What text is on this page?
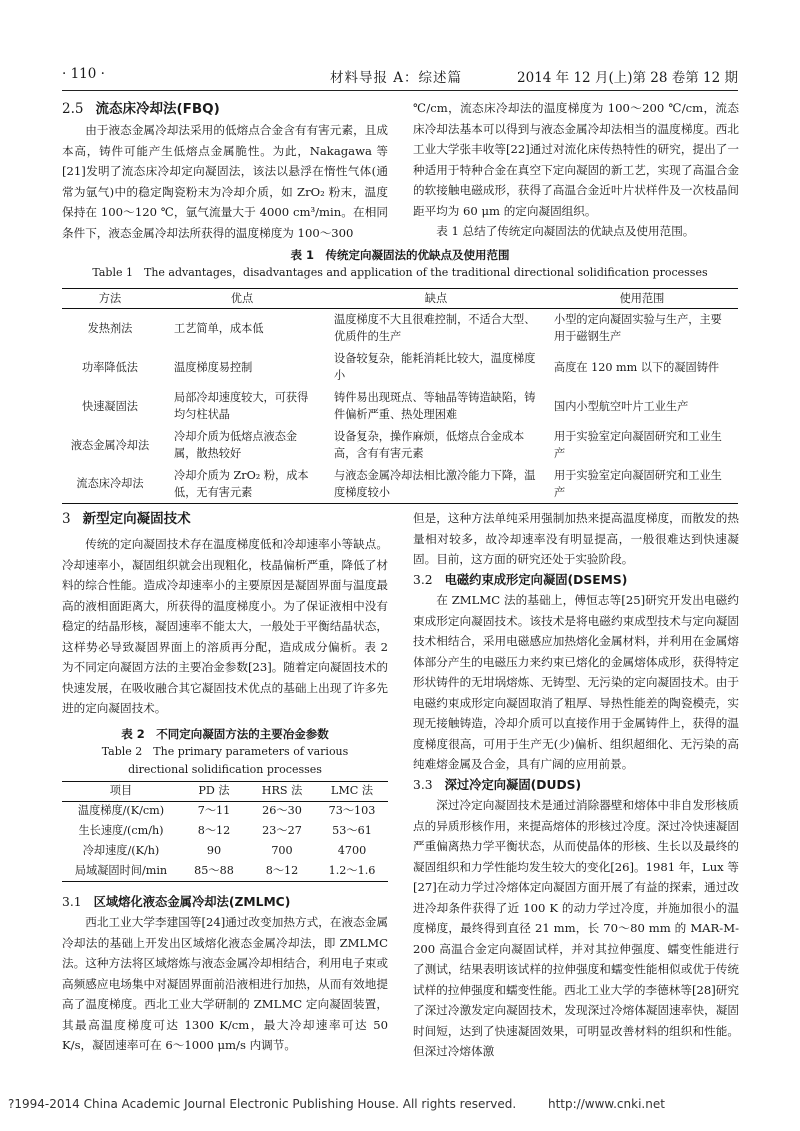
· 110 ·	材料导报 A：综述篇	2014 年 12 月(上)第 28 卷第 12 期
2.5 流态床冷却法(FBQ)

由于液态金属冷却法采用的低熔点合金含有有害元素，且成本高，铸件可能产生低熔点金属脆性。为此，Nakagawa 等[21]发明了流态床冷却定向凝固法，该法以悬浮在惰性气体(通常为氩气)中的稳定陶瓷粉末为冷却介质，如 ZrO₂ 粉末，温度保持在 100～120 ℃，氩气流量大于 4000 cm³/min。在相同条件下，液态金属冷却法所获得的温度梯度为 100～300

℃/cm，流态床冷却法的温度梯度为 100～200 ℃/cm，流态床冷却法基本可以得到与液态金属冷却法相当的温度梯度。西北工业大学张丰收等[22]通过对流化床传热特性的研究，提出了一种适用于特种合金在真空下定向凝固的新工艺，实现了高温合金的软接触电磁成形，获得了高温合金近叶片状样件及一次枝晶间距平均为 60 μm 的定向凝固组织。

表 1 总结了传统定向凝固法的优缺点及使用范围。

表 1　传统定向凝固法的优缺点及使用范围
Table 1　The advantages，disadvantages and application of the traditional directional solidification processes
方法	优点	缺点	使用范围
发热剂法	工艺简单，成本低	温度梯度不大且很难控制，不适合大型、优质件的生产	小型的定向凝固实验与生产，主要用于磁钢生产
功率降低法	温度梯度易控制	设备较复杂，能耗消耗比较大，温度梯度小	高度在 120 mm 以下的凝固铸件
快速凝固法	局部冷却速度较大，可获得均匀柱状晶	铸件易出现斑点、等轴晶等铸造缺陷，铸件偏析严重、热处理困难	国内小型航空叶片工业生产
液态金属冷却法	冷却介质为低熔点液态金属，散热较好	设备复杂，操作麻烦，低熔点合金成本高，含有有害元素	用于实验室定向凝固研究和工业生产
流态床冷却法	冷却介质为 ZrO₂ 粉，成本低，无有害元素	与液态金属冷却法相比激冷能力下降，温度梯度较小	用于实验室定向凝固研究和工业生产
3 新型定向凝固技术

传统的定向凝固技术存在温度梯度低和冷却速率小等缺点。冷却速率小，凝固组织就会出现粗化，枝晶偏析严重，降低了材料的综合性能。造成冷却速率小的主要原因是凝固界面与温度最高的液相面距离大，所获得的温度梯度小。为了保证液相中没有稳定的结晶形核，凝固速率不能太大，一般处于平衡结晶状态，这样势必导致凝固界面上的溶质再分配，造成成分偏析。表 2 为不同定向凝固方法的主要冶金参数[23]。随着定向凝固技术的快速发展，在吸收融合其它凝固技术优点的基础上出现了许多先进的定向凝固技术。

表 2　不同定向凝固方法的主要冶金参数
Table 2　The primary parameters of various
directional solidification processes
项目	PD 法	HRS 法	LMC 法
温度梯度/(K/cm)	7～11	26～30	73～103
生长速度/(cm/h)	8～12	23～27	53～61
冷却速度/(K/h)	90	700	4700
局域凝固时间/min	85～88	8～12	1.2～1.6
3.1 区域熔化液态金属冷却法(ZMLMC)

西北工业大学李建国等[24]通过改变加热方式，在液态金属冷却法的基础上开发出区域熔化液态金属冷却法，即 ZMLMC 法。这种方法将区域熔炼与液态金属冷却相结合，利用电子束或高频感应电场集中对凝固界面前沿液相进行加热，从而有效地提高了温度梯度。西北工业大学研制的 ZMLMC 定向凝固装置，其最高温度梯度可达 1300 K/cm，最大冷却速率可达 50 K/s，凝固速率可在 6～1000 μm/s 内调节。

但是，这种方法单纯采用强制加热来提高温度梯度，而散发的热量相对较多，故冷却速率没有明显提高，一般很难达到快速凝固。目前，这方面的研究还处于实验阶段。

3.2 电磁约束成形定向凝固(DSEMS)

在 ZMLMC 法的基础上，傅恒志等[25]研究开发出电磁约束成形定向凝固技术。该技术是将电磁约束成型技术与定向凝固技术相结合，采用电磁感应加热熔化金属材料，并利用在金属熔体部分产生的电磁压力来约束已熔化的金属熔体成形，获得特定形状铸件的无坩埚熔炼、无铸型、无污染的定向凝固技术。由于电磁约束成形定向凝固取消了粗厚、导热性能差的陶瓷模壳，实现无接触铸造，冷却介质可以直接作用于金属铸件上，获得的温度梯度很高，可用于生产无(少)偏析、组织超细化、无污染的高纯难熔金属及合金，具有广阔的应用前景。

3.3 深过冷定向凝固(DUDS)

深过冷定向凝固技术是通过消除器壁和熔体中非自发形核质点的异质形核作用，来提高熔体的形核过冷度。深过冷快速凝固严重偏离热力学平衡状态，从而使晶体的形核、生长以及最终的凝固组织和力学性能均发生较大的变化[26]。1981 年，Lux 等[27]在动力学过冷熔体定向凝固方面开展了有益的探索，通过改进冷却条件获得了近 100 K 的动力学过冷度，并施加很小的温度梯度，最终得到直径 21 mm，长 70～80 mm 的 MAR-M-200 高温合金定向凝固试样，并对其拉伸强度、蠕变性能进行了测试，结果表明该试样的拉伸强度和蠕变性能相似或优于传统试样的拉伸强度和蠕变性能。西北工业大学的李德林等[28]研究了深过冷激发定向凝固技术，发现深过冷熔体凝固速率快，凝固时间短，达到了快速凝固效果，可明显改善材料的组织和性能。但深过冷熔体激

?1994-2014 China Academic Journal Electronic Publishing House. All rights reserved.	http://www.cnki.net
